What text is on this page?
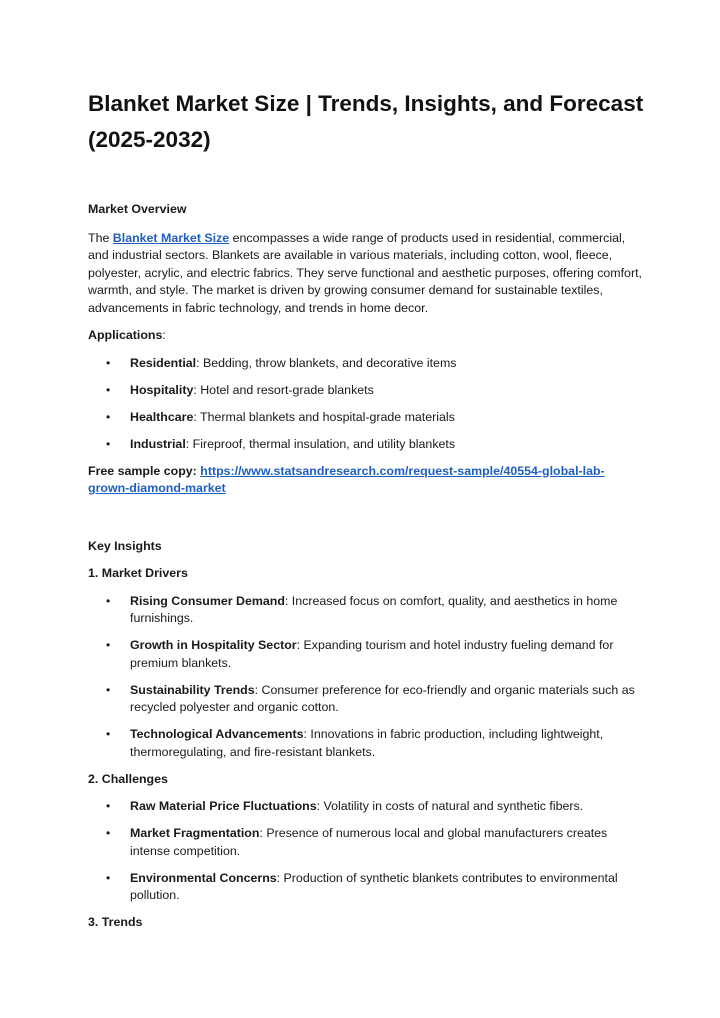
Blanket Market Size | Trends, Insights, and Forecast (2025-2032)

Market Overview

The Blanket Market Size encompasses a wide range of products used in residential, commercial, and industrial sectors. Blankets are available in various materials, including cotton, wool, fleece, polyester, acrylic, and electric fabrics. They serve functional and aesthetic purposes, offering comfort, warmth, and style. The market is driven by growing consumer demand for sustainable textiles, advancements in fabric technology, and trends in home decor.

Applications:

• Residential: Bedding, throw blankets, and decorative items
• Hospitality: Hotel and resort-grade blankets
• Healthcare: Thermal blankets and hospital-grade materials
• Industrial: Fireproof, thermal insulation, and utility blankets

Free sample copy: https://www.statsandresearch.com/request-sample/40554-global-lab-grown-diamond-market

Key Insights

1. Market Drivers

• Rising Consumer Demand: Increased focus on comfort, quality, and aesthetics in home furnishings.
• Growth in Hospitality Sector: Expanding tourism and hotel industry fueling demand for premium blankets.
• Sustainability Trends: Consumer preference for eco-friendly and organic materials such as recycled polyester and organic cotton.
• Technological Advancements: Innovations in fabric production, including lightweight, thermoregulating, and fire-resistant blankets.

2. Challenges

• Raw Material Price Fluctuations: Volatility in costs of natural and synthetic fibers.
• Market Fragmentation: Presence of numerous local and global manufacturers creates intense competition.
• Environmental Concerns: Production of synthetic blankets contributes to environmental pollution.

3. Trends
